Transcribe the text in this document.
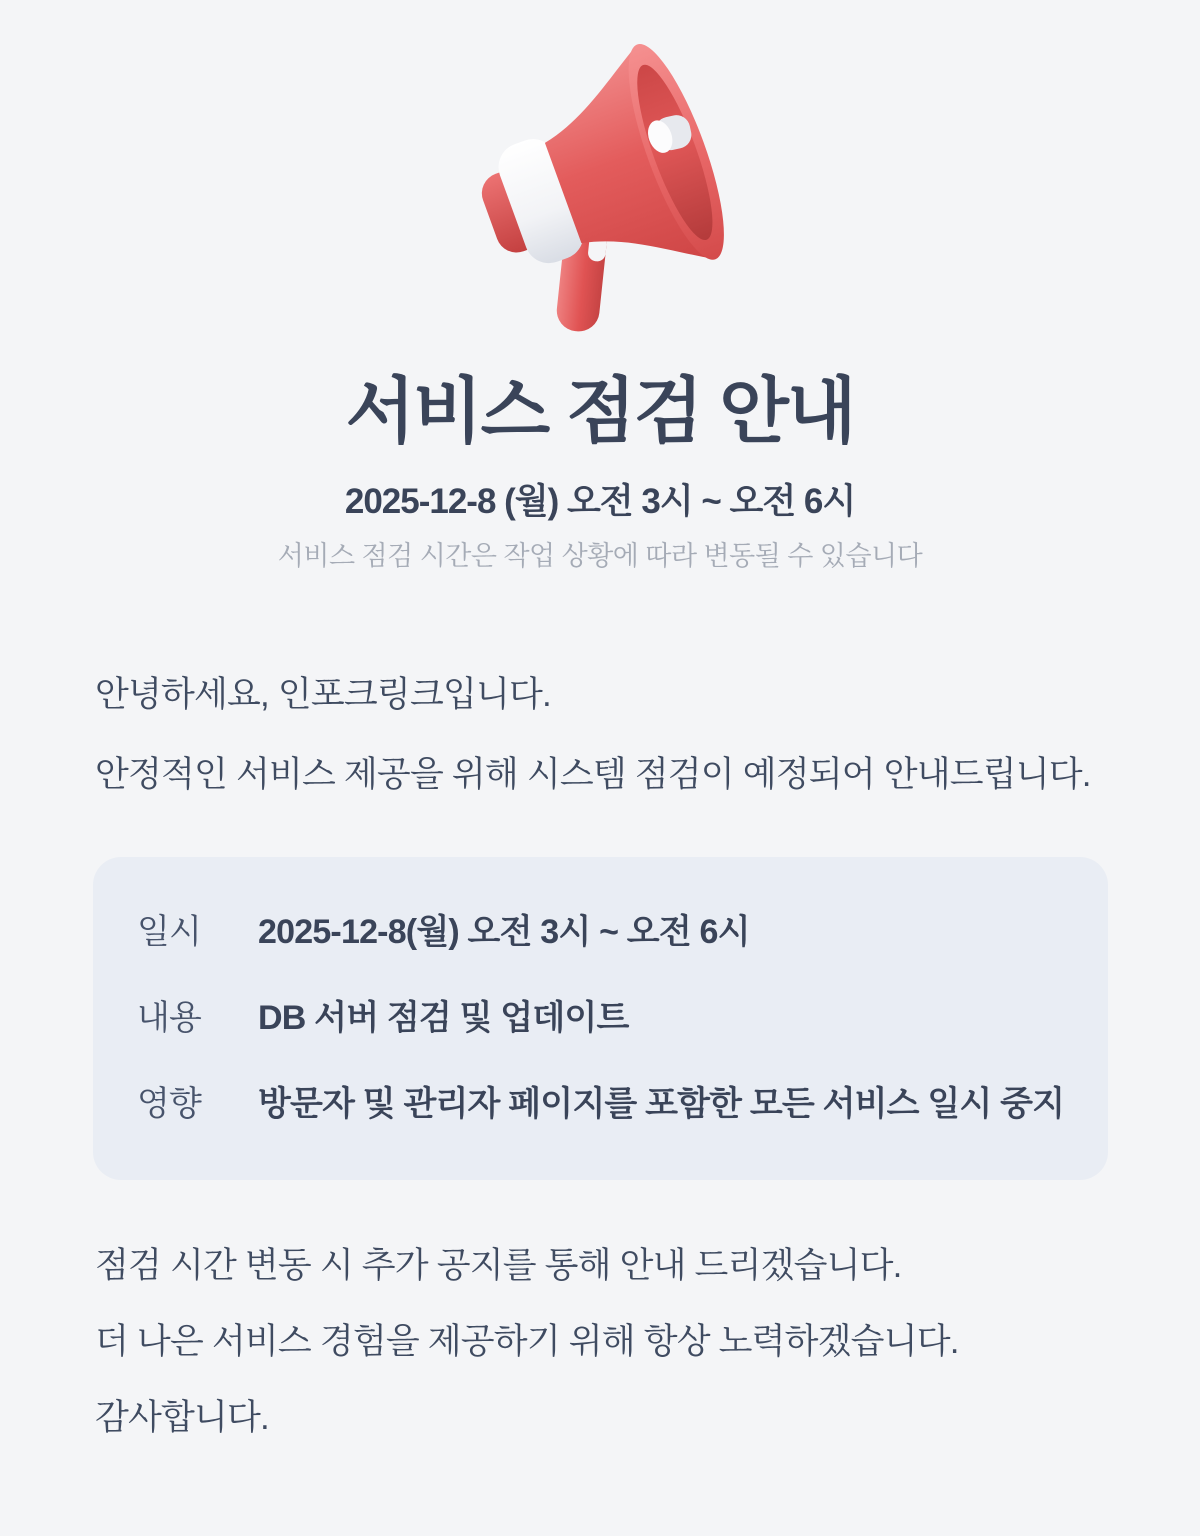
서비스 점검 안내

2025-12-8 (월) 오전 3시 ~ 오전 6시

서비스 점검 시간은 작업 상황에 따라 변동될 수 있습니다

안녕하세요, 인포크링크입니다.

안정적인 서비스 제공을 위해 시스템 점검이 예정되어 안내드립니다.

일시	2025-12-8(월) 오전 3시 ~ 오전 6시
내용	DB 서버 점검 및 업데이트
영향	방문자 및 관리자 페이지를 포함한 모든 서비스 일시 중지

점검 시간 변동 시 추가 공지를 통해 안내 드리겠습니다.

더 나은 서비스 경험을 제공하기 위해 항상 노력하겠습니다.

감사합니다.
